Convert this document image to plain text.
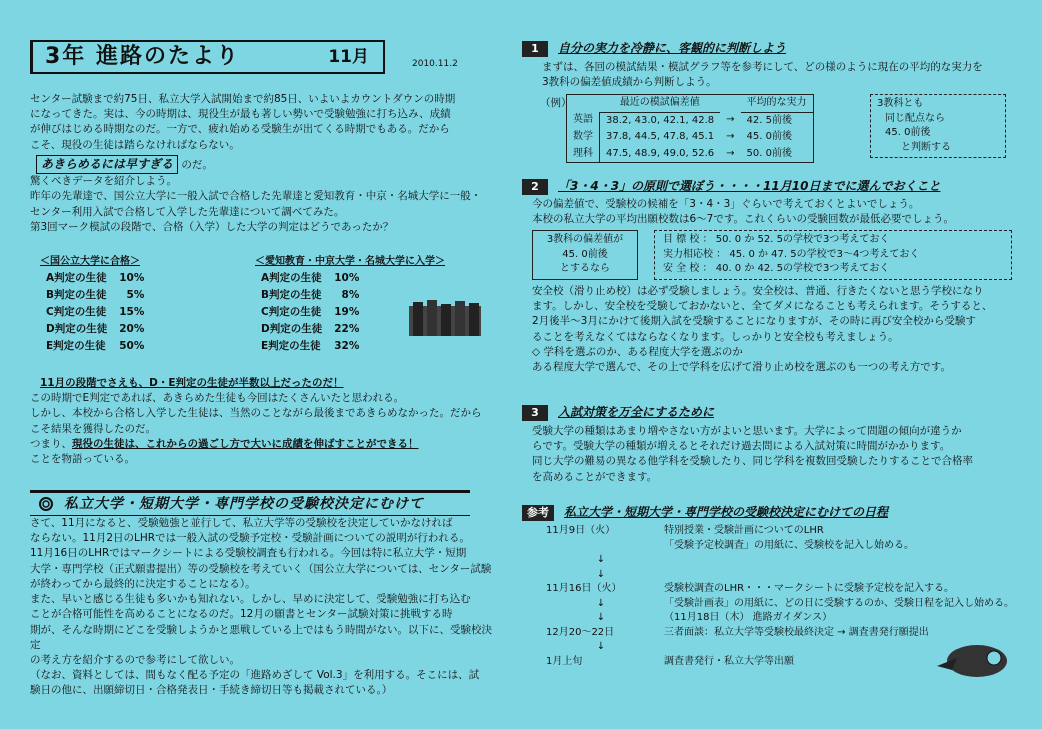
3年 進路のたより	11月	2010.11.2

センター試験まで約75日、私立大学入試開始まで約85日、いよいよカウントダウンの時期

になってきた。実は、今の時期は、現役生が最も著しい勢いで受験勉強に打ち込み、成績

が伸びはじめる時期なのだ。一方で、疲れ始める受験生が出てくる時期でもある。だから

こそ、現役の生徒は踏らなければならない。

あきらめるには早すぎる のだ。

驚くべきデータを紹介しよう。

昨年の先輩達で、国公立大学に一般入試で合格した先輩達と愛知教育・中京・名城大学に一般・

センター利用入試で合格して入学した先輩達について調べてみた。

第3回マーク模試の段階で、合格（入学）した大学の判定はどうであったか？

＜国公立大学に合格＞
A判定の生徒	10%
B判定の生徒	5%
C判定の生徒	15%
D判定の生徒	20%
E判定の生徒	50%
＜愛知教育・中京大学・名城大学に入学＞
A判定の生徒	10%
B判定の生徒	8%
C判定の生徒	19%
D判定の生徒	22%
E判定の生徒	32%

11月の段階でさえも、D・E判定の生徒が半数以上だったのだ！

この時期でE判定であれば、あきらめた生徒も今回はたくさんいたと思われる。

しかし、本校から合格し入学した生徒は、当然のことながら最後まであきらめなかった。だから

こそ結果を獲得したのだ。

つまり、現役の生徒は、これからの過ごし方で大いに成績を伸ばすことができる！

ことを物語っている。

私立大学・短期大学・専門学校の受験校決定にむけて

さて、11月になると、受験勉強と並行して、私立大学等の受験校を決定していかなければ

ならない。11月2日のLHRでは一般入試の受験予定校・受験計画についての説明が行われる。

11月16日のLHRではマークシートによる受験校調査も行われる。今回は特に私立大学・短期

大学・専門学校（正式願書提出）等の受験校を考えていく（国公立大学については、センター試験

が終わってから最終的に決定することになる）。

また、早いと感じる生徒も多いかも知れない。しかし、早めに決定して、受験勉強に打ち込む

ことが合格可能性を高めることになるのだ。12月の願書とセンター試験対策に挑戦する時

期が、そんな時期にどこを受験しようかと悪戦している上ではもう時間がない。以下に、受験校決定

の考え方を紹介するので参考にして欲しい。

（なお、資料としては、間もなく配る予定の「進路めざして Vol.3」を利用する。そこには、試

験日の他に、出願締切日・合格発表日・手続き締切日等も掲載されている。）

1	自分の実力を冷静に、客観的に判断しよう

まずは、各回の模試結果・模試グラフ等を参考にして、どの様のように現在の平均的な実力を

3教科の偏差値成績から判断しよう。

（例）
		最近の模試偏差値		平均的な実力
英語	38.2, 43.0, 42.1, 42.8	→	42. 5前後
数学	37.8, 44.5, 47.8, 45.1	→	45. 0前後
理科	47.5, 48.9, 49.0, 52.6	→	50. 0前後

3教科とも

同じ配点なら

45. 0前後

と判断する

2	「3・4・3」の原則で選ぼう・・・・11月10日までに選んでおくこと

今の偏差値で、受験校の候補を「3・4・3」ぐらいで考えておくとよいでしょう。

本校の私立大学の平均出願校数は6～7です。これくらいの受験回数が最低必要でしょう。

3教科の偏差値が

45. 0前後

とするなら

目 標 校 ： 50. 0 か 52. 5の学校で3つ考えておく

実力相応校 ： 45. 0 か 47. 5の学校で3～4つ考えておく

安 全 校 ： 40. 0 か 42. 5の学校で3つ考えておく

安全校（滑り止め校）は必ず受験しましょう。安全校は、普通、行きたくないと思う学校になり

ます。しかし、安全校を受験しておかないと、全てダメになることも考えられます。そうすると、

2月後半～3月にかけて後期入試を受験することになりますが、その時に再び安全校から受験す

ることを考えなくてはならなくなります。しっかりと安全校も考えましょう。

◇ 学科を選ぶのか、ある程度大学を選ぶのか

ある程度大学で選んで、その上で学科を広げて滑り止め校を選ぶのも一つの考え方です。

3	入試対策を万全にするために

受験大学の種類はあまり増やさない方がよいと思います。大学によって問題の傾向が違うか

らです。受験大学の種類が増えるとそれだけ過去問による入試対策に時間がかかります。

同じ大学の難易の異なる他学科を受験したり、同じ学科を複数回受験したりすることで合格率

を高めることができます。

参考	私立大学・短期大学・専門学校の受験校決定にむけての日程
11月9日（火）	特別授業・受験計画についてのLHR
	「受験予定校調査」の用紙に、受験校を記入し始める。
↓	
↓	
11月16日（火）	受験校調査のLHR・・・マークシートに受験予定校を記入する。
↓	「受験計画表」の用紙に、どの日に受験するのか、受験日程を記入し始める。
↓	（11月18日（木） 進路ガイダンス）
12月20～22日	三者面談：私立大学等受験校最終決定 → 調査書発行願提出
↓	
1月上旬	調査書発行・私立大学等出願
